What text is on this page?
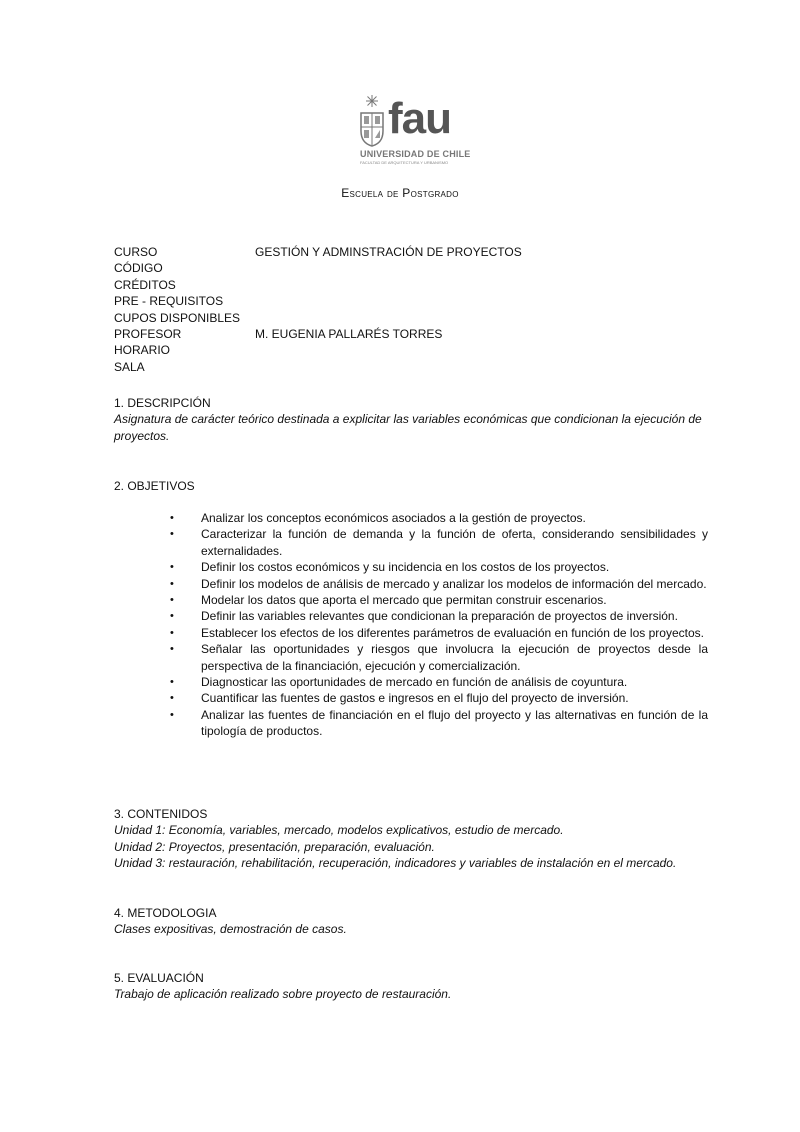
fau
UNIVERSIDAD DE CHILE
FACULTAD DE ARQUITECTURA Y URBANISMO
Escuela de Postgrado
CURSO	GESTIÓN Y ADMINSTRACIÓN DE PROYECTOS
CÓDIGO
CRÉDITOS
PRE - REQUISITOS
CUPOS DISPONIBLES
PROFESOR	M. EUGENIA PALLARÉS TORRES
HORARIO
SALA
1. DESCRIPCIÓN
Asignatura de carácter teórico destinada a explicitar las variables económicas que condicionan la ejecución de proyectos.
2. OBJETIVOS
• Analizar los conceptos económicos asociados a la gestión de proyectos.
• Caracterizar la función de demanda y la función de oferta, considerando sensibilidades y externalidades.
• Definir los costos económicos y su incidencia en los costos de los proyectos.
• Definir los modelos de análisis de mercado y analizar los modelos de información del mercado.
• Modelar los datos que aporta el mercado que permitan construir escenarios.
• Definir las variables relevantes que condicionan la preparación de proyectos de inversión.
• Establecer los efectos de los diferentes parámetros de evaluación en función de los proyectos.
• Señalar las oportunidades y riesgos que involucra la ejecución de proyectos desde la perspectiva de la financiación, ejecución y comercialización.
• Diagnosticar las oportunidades de mercado en función de análisis de coyuntura.
• Cuantificar las fuentes de gastos e ingresos en el flujo del proyecto de inversión.
• Analizar las fuentes de financiación en el flujo del proyecto y las alternativas en función de la tipología de productos.
3. CONTENIDOS
Unidad 1: Economía, variables, mercado, modelos explicativos, estudio de mercado.
Unidad 2: Proyectos, presentación, preparación, evaluación.
Unidad 3: restauración, rehabilitación, recuperación, indicadores y variables de instalación en el mercado.
4. METODOLOGIA
Clases expositivas, demostración de casos.
5. EVALUACIÓN
Trabajo de aplicación realizado sobre proyecto de restauración.
